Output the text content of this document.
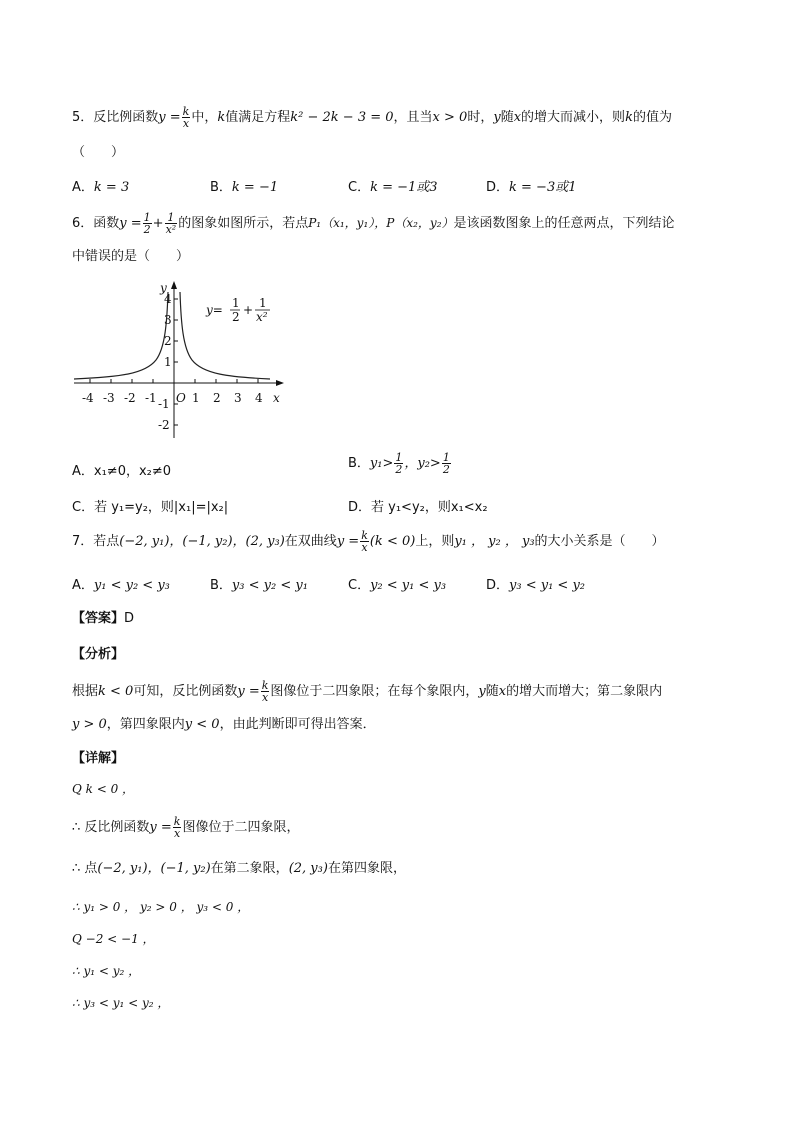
5．反比例函数$y = \frac{k}{x}$ 中，k值满足方程k² − 2k − 3 = 0，且当x > 0时，y随x的增大而减小，则k的值为
（　　）
A．k = 3	B．k = −1	C．k = −1或3	D．k = −3或1
6．函数$y = \frac{1}{2} + \frac{1}{\text{x²}}$ 的图象如图所示，若点P₁（x₁，y₁），P（x₂，y₂）是该函数图象上的任意两点，下列结论
中错误的是（　　）
y
x
O
-4 -3 -2 -1	1 2 3 4
4
3
2
1
-1
-2
y= 1
2 + 1
x²
A．x₁≠0，x₂≠0
B．$y_1> \frac{1}{2}$ ，$y_2> \frac{1}{2}$
C．若 y₁=y₂，则|x₁|=|x₂|	D．若 y₁<y₂，则x₁<x₂
7．若点(−2, y₁)，(−1, y₂)，(2, y₃)在双曲线$y = \frac{k}{x} (k < 0)$上，则y₁ ， y₂ ， y₃的大小关系是（　　）
A．y₁ < y₂ < y₃	B．y₃ < y₂ < y₁	C．y₂ < y₁ < y₃	D．y₃ < y₁ < y₂
【答案】D
【分析】
根据k < 0可知，反比例函数$y = \frac{k}{x}$ 图像位于二四象限；在每个象限内，y随x的增大而增大；第二象限内
y > 0，第四象限内y < 0，由此判断即可得出答案．
【详解】
Q k < 0 ，
∴ 反比例函数$y = \frac{k}{x}$ 图像位于二四象限，
∴ 点(−2, y₁)，(−1, y₂)在第二象限，(2, y₃)在第四象限，
∴ y₁ > 0 ， y₂ > 0 ， y₃ < 0 ，
Q −2 < −1 ，
∴ y₁ < y₂ ，
∴ y₃ < y₁ < y₂ ，
